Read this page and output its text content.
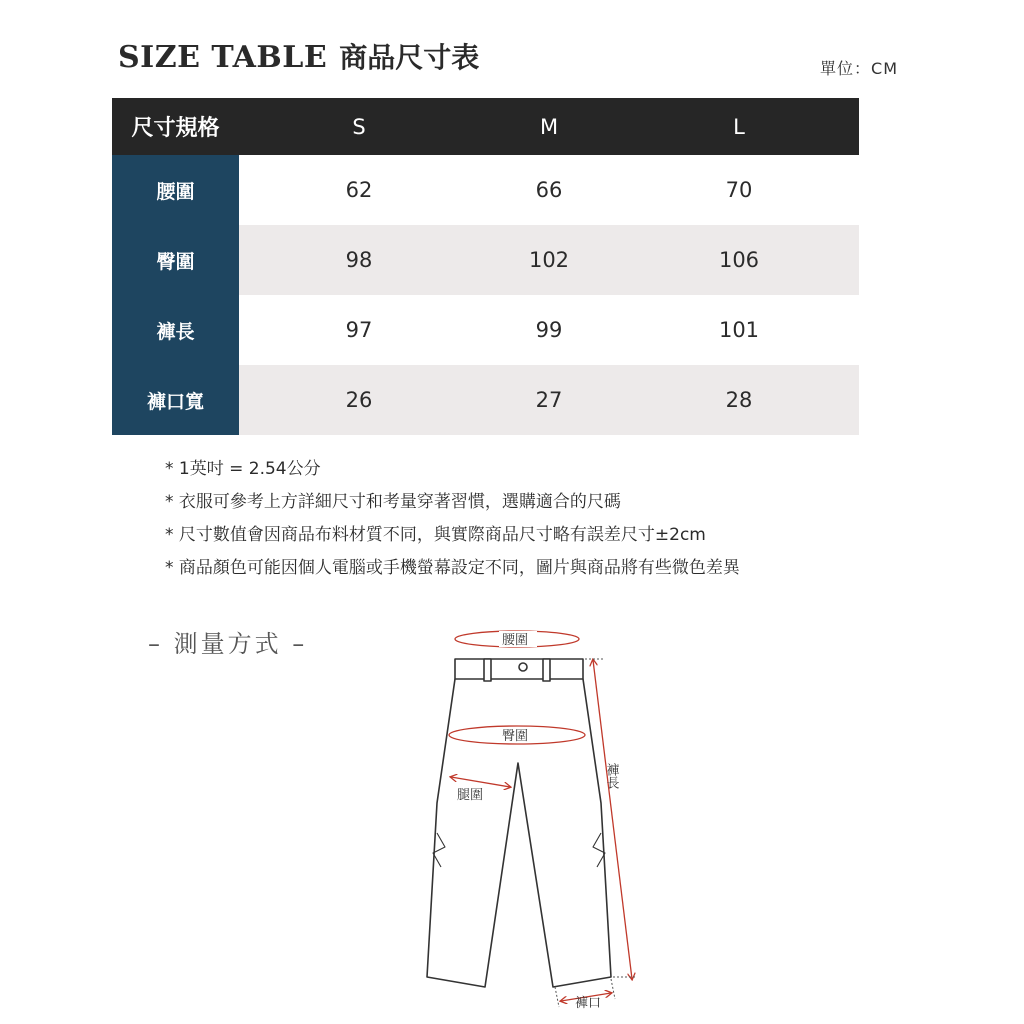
SIZE TABLE 商品尺寸表	單位：CM
尺寸規格	S	M	L
腰圍	62	66	70
臀圍	98	102	106
褲長	97	99	101
褲口寬	26	27	28
* 1英吋 = 2.54公分
* 衣服可參考上方詳細尺寸和考量穿著習慣，選購適合的尺碼
* 尺寸數值會因商品布料材質不同，與實際商品尺寸略有誤差尺寸±2cm
* 商品顏色可能因個人電腦或手機螢幕設定不同，圖片與商品將有些微色差異
– 測量方式 –	腰圍
臀圍
腿圍
褲長
褲口
